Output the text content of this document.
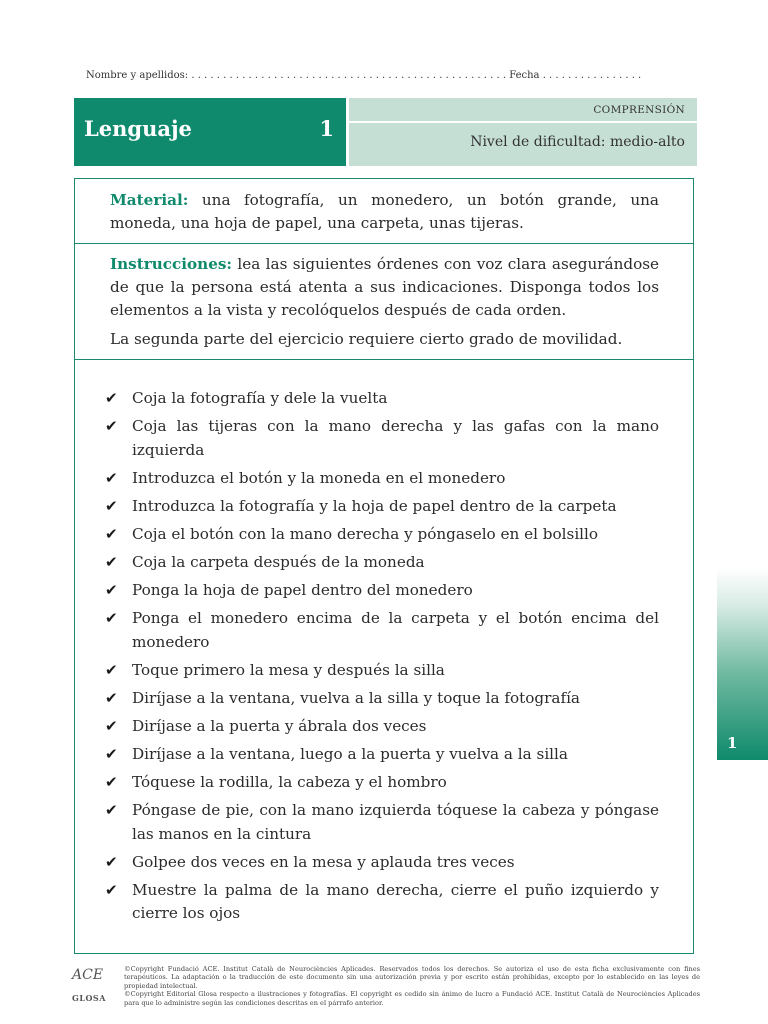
Nombre y apellidos: . . . . . . . . . . . . . . . . . . . . . . . . . . . . . . . . . . . . . . . . . . . . . . . . . . Fecha . . . . . . . . . . . . . . . .
Lenguaje	1
COMPRENSIÓN
Nivel de dificultad: medio-alto

Material: una fotografía, un monedero, un botón grande, una moneda, una hoja de papel, una carpeta, unas tijeras.

Instrucciones: lea las siguientes órdenes con voz clara asegurándose de que la persona está atenta a sus indicaciones. Disponga todos los elementos a la vista y recolóquelos después de cada orden.

La segunda parte del ejercicio requiere cierto grado de movilidad.

✔ Coja la fotografía y dele la vuelta
✔ Coja las tijeras con la mano derecha y las gafas con la mano izquierda
✔ Introduzca el botón y la moneda en el monedero
✔ Introduzca la fotografía y la hoja de papel dentro de la carpeta
✔ Coja el botón con la mano derecha y póngaselo en el bolsillo
✔ Coja la carpeta después de la moneda
✔ Ponga la hoja de papel dentro del monedero
✔ Ponga el monedero encima de la carpeta y el botón encima del monedero
✔ Toque primero la mesa y después la silla
✔ Diríjase a la ventana, vuelva a la silla y toque la fotografía
✔ Diríjase a la puerta y ábrala dos veces
✔ Diríjase a la ventana, luego a la puerta y vuelva a la silla
✔ Tóquese la rodilla, la cabeza y el hombro
✔ Póngase de pie, con la mano izquierda tóquese la cabeza y póngase las manos en la cintura
✔ Golpee dos veces en la mesa y aplauda tres veces
✔ Muestre la palma de la mano derecha, cierre el puño izquierdo y cierre los ojos
1
ACE
GLOSA

©Copyright Fundació ACE. Institut Català de Neurociències Aplicades. Reservados todos los derechos. Se autoriza el uso de esta ficha exclusivamente con fines terapéuticos. La adaptación o la traducción de este documento sin una autorización previa y por escrito están prohibidas, excepto por lo establecido en las leyes de propiedad intelectual.

©Copyright Editorial Glosa respecto a ilustraciones y fotografías. El copyright es cedido sin ánimo de lucro a Fundació ACE. Institut Català de Neurociències Aplicades para que lo administre según las condiciones descritas en el párrafo anterior.
